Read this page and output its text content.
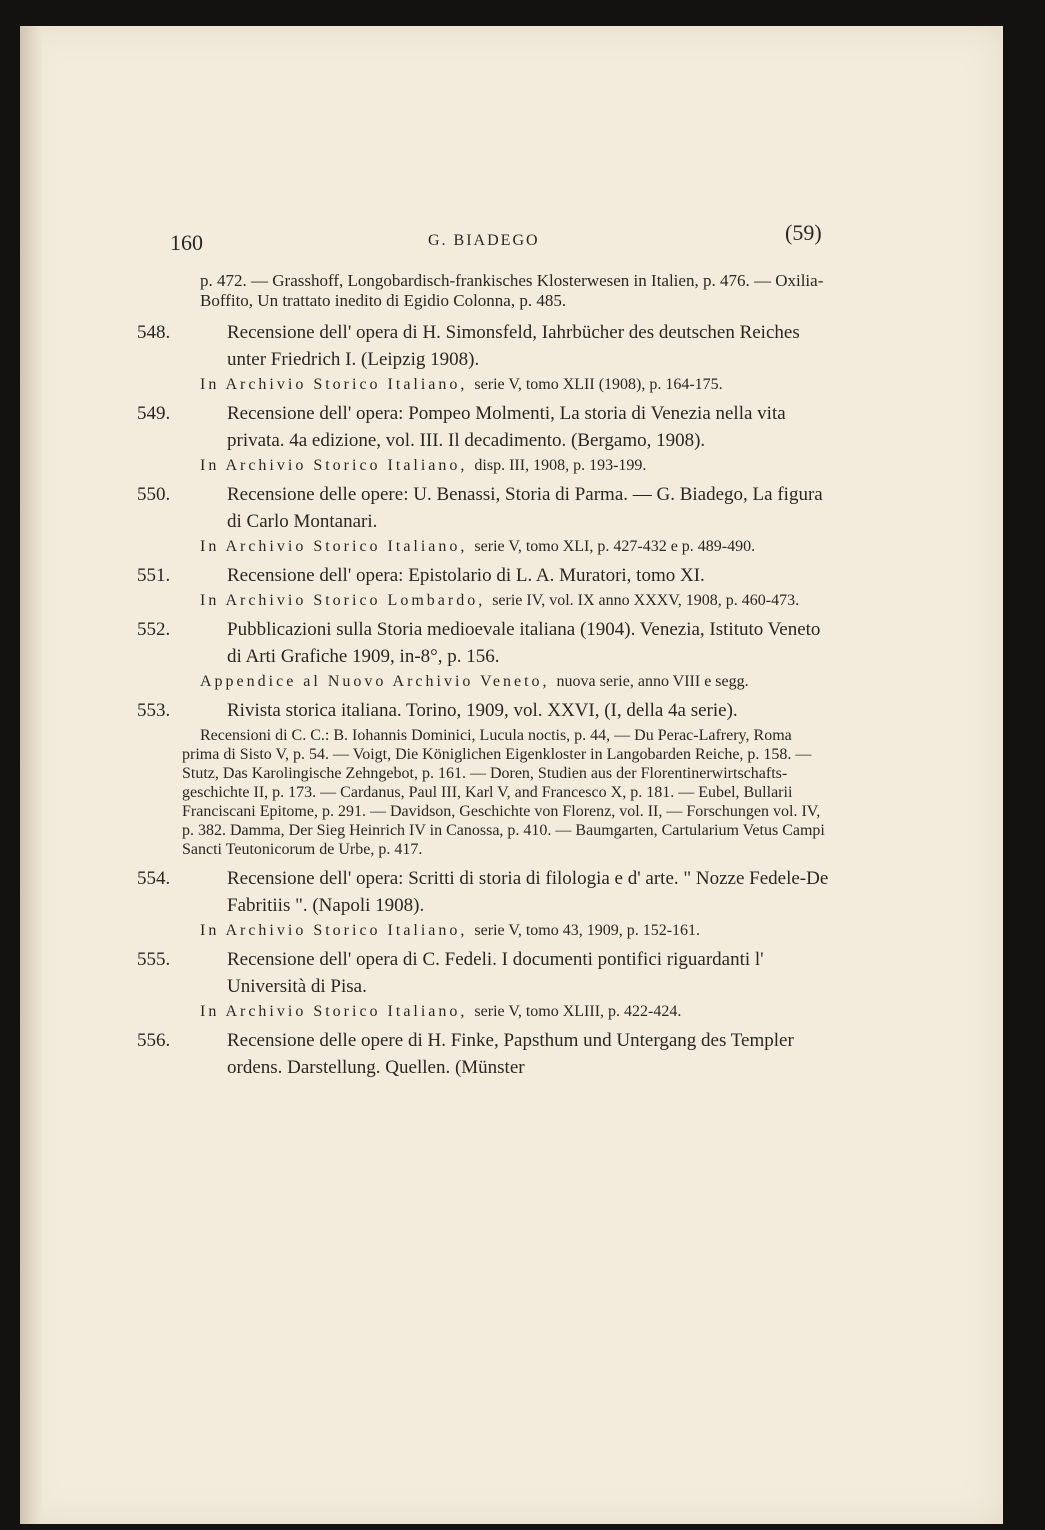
160	G. BIADEGO	(59)

p. 472. — Grasshoff, Longobardisch-frankisches Klosterwesen in Italien, p. 476. — Oxilia-Boffito, Un trattato inedito di Egidio Colonna, p. 485.

548.	Recensione dell' opera di H. Simonsfeld, Iahrbücher des deutschen Reiches unter Friedrich I. (Leipzig 1908).

In Archivio Storico Italiano, serie V, tomo XLII (1908), p. 164-175.

549.	Recensione dell' opera: Pompeo Molmenti, La storia di Venezia nella vita privata. 4a edizione, vol. III. Il decadimento. (Bergamo, 1908).

In Archivio Storico Italiano, disp. III, 1908, p. 193-199.

550.	Recensione delle opere: U. Benassi, Storia di Parma. — G. Biadego, La figura di Carlo Montanari.

In Archivio Storico Italiano, serie V, tomo XLI, p. 427-432 e p. 489-490.

551.	Recensione dell' opera: Epistolario di L. A. Muratori, tomo XI.

In Archivio Storico Lombardo, serie IV, vol. IX anno XXXV, 1908, p. 460-473.

552.	Pubblicazioni sulla Storia medioevale italiana (1904). Venezia, Istituto Veneto di Arti Grafiche 1909, in-8°, p. 156.

Appendice al Nuovo Archivio Veneto, nuova serie, anno VIII e segg.

553.	Rivista storica italiana. Torino, 1909, vol. XXVI, (I, della 4a serie).

Recensioni di C. C.: B. Iohannis Dominici, Lucula noctis, p. 44, — Du Perac-Lafrery, Roma prima di Sisto V, p. 54. — Voigt, Die Königlichen Eigenkloster in Langobarden Reiche, p. 158. — Stutz, Das Karolingische Zehngebot, p. 161. — Doren, Studien aus der Florentinerwirtschafts-geschichte II, p. 173. — Cardanus, Paul III, Karl V, and Francesco X, p. 181. — Eubel, Bullarii Franciscani Epitome, p. 291. — Davidson, Geschichte von Florenz, vol. II, — Forschungen vol. IV, p. 382. Damma, Der Sieg Heinrich IV in Canossa, p. 410. — Baumgarten, Cartularium Vetus Campi Sancti Teutonicorum de Urbe, p. 417.

554.	Recensione dell' opera: Scritti di storia di filologia e d' arte. " Nozze Fedele-De Fabritiis ". (Napoli 1908).

In Archivio Storico Italiano, serie V, tomo 43, 1909, p. 152-161.

555.	Recensione dell' opera di C. Fedeli. I documenti pontifici riguardanti l' Università di Pisa.

In Archivio Storico Italiano, serie V, tomo XLIII, p. 422-424.

556.	Recensione delle opere di H. Finke, Papsthum und Untergang des Templer ordens. Darstellung. Quellen. (Münster
